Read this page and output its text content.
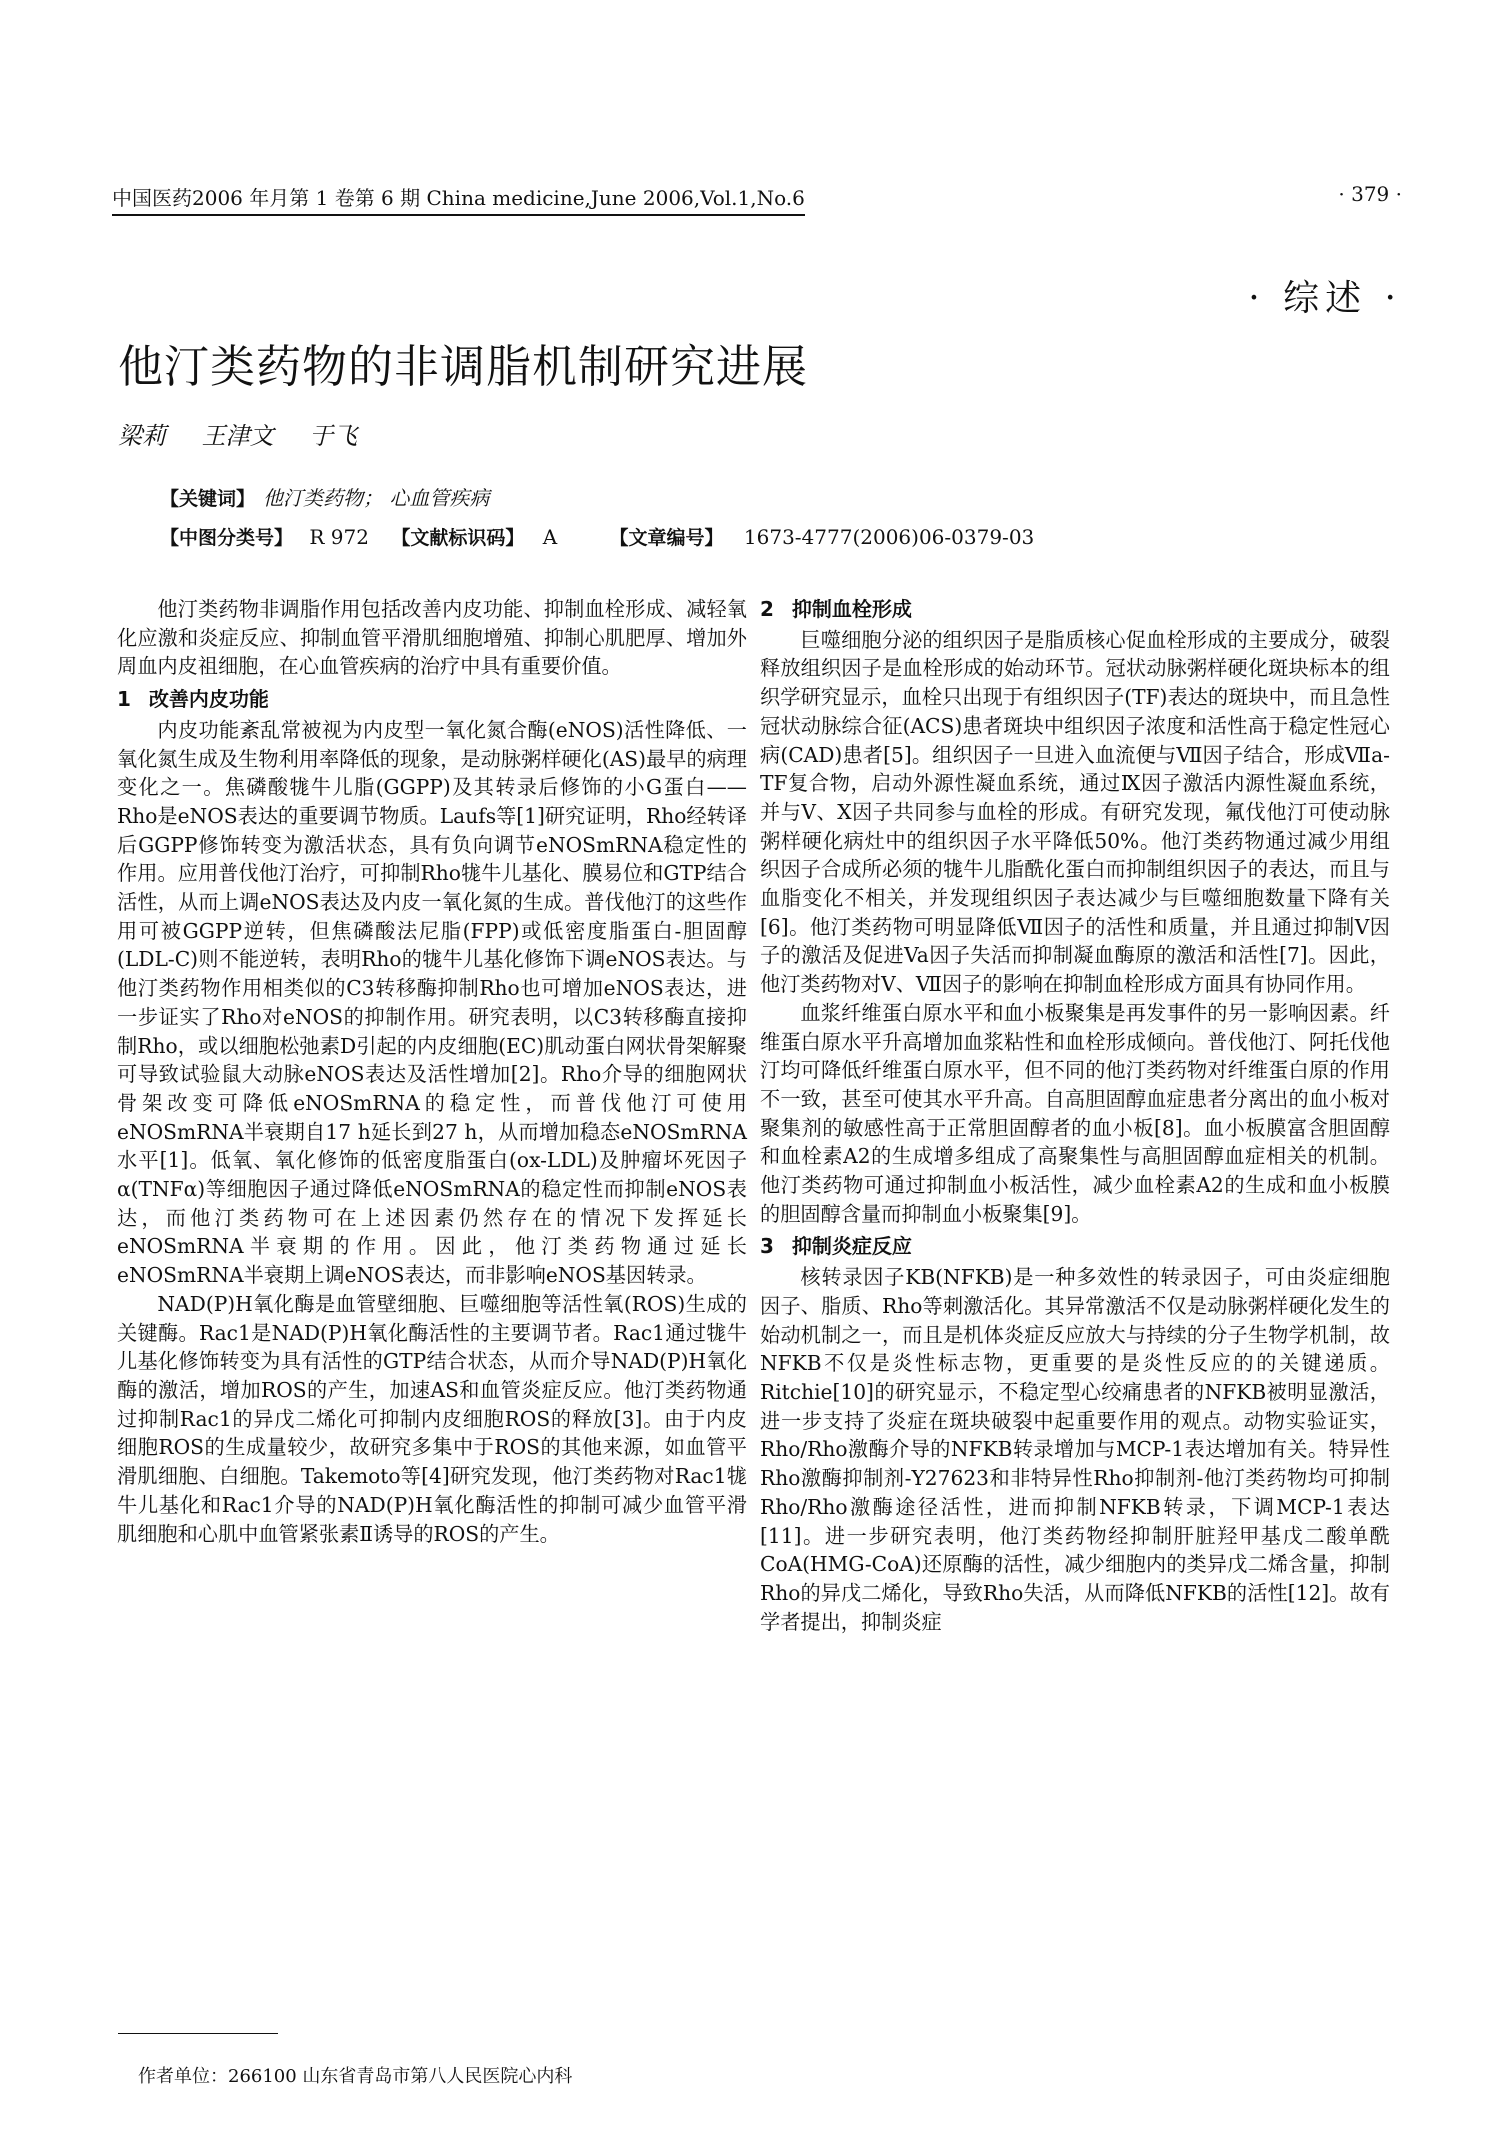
中国医药2006 年月第 1 卷第 6 期 China medicine,June 2006,Vol.1,No.6	· 379 ·
· 综述 ·
他汀类药物的非调脂机制研究进展
梁莉 王津文 于飞
【关键词】 他汀类药物； 心血管疾病
【中图分类号】 R 972 【文献标识码】 A	【文章编号】 1673-4777(2006)06-0379-03

他汀类药物非调脂作用包括改善内皮功能、抑制血栓形成、减轻氧化应激和炎症反应、抑制血管平滑肌细胞增殖、抑制心肌肥厚、增加外周血内皮祖细胞，在心血管疾病的治疗中具有重要价值。

1 改善内皮功能

内皮功能紊乱常被视为内皮型一氧化氮合酶(eNOS)活性降低、一氧化氮生成及生物利用率降低的现象，是动脉粥样硬化(AS)最早的病理变化之一。焦磷酸牻牛儿脂(GGPP)及其转录后修饰的小G蛋白——Rho是eNOS表达的重要调节物质。Laufs等[1]研究证明，Rho经转译后GGPP修饰转变为激活状态，具有负向调节eNOSmRNA稳定性的作用。应用普伐他汀治疗，可抑制Rho牻牛儿基化、膜易位和GTP结合活性，从而上调eNOS表达及内皮一氧化氮的生成。普伐他汀的这些作用可被GGPP逆转，但焦磷酸法尼脂(FPP)或低密度脂蛋白-胆固醇(LDL-C)则不能逆转，表明Rho的牻牛儿基化修饰下调eNOS表达。与他汀类药物作用相类似的C3转移酶抑制Rho也可增加eNOS表达，进一步证实了Rho对eNOS的抑制作用。研究表明，以C3转移酶直接抑制Rho，或以细胞松弛素D引起的内皮细胞(EC)肌动蛋白网状骨架解聚可导致试验鼠大动脉eNOS表达及活性增加[2]。Rho介导的细胞网状骨架改变可降低eNOSmRNA的稳定性，而普伐他汀可使用eNOSmRNA半衰期自17 h延长到27 h，从而增加稳态eNOSmRNA水平[1]。低氧、氧化修饰的低密度脂蛋白(ox-LDL)及肿瘤坏死因子α(TNFα)等细胞因子通过降低eNOSmRNA的稳定性而抑制eNOS表达，而他汀类药物可在上述因素仍然存在的情况下发挥延长eNOSmRNA半衰期的作用。因此，他汀类药物通过延长eNOSmRNA半衰期上调eNOS表达，而非影响eNOS基因转录。

NAD(P)H氧化酶是血管壁细胞、巨噬细胞等活性氧(ROS)生成的关键酶。Rac1是NAD(P)H氧化酶活性的主要调节者。Rac1通过牻牛儿基化修饰转变为具有活性的GTP结合状态，从而介导NAD(P)H氧化酶的激活，增加ROS的产生，加速AS和血管炎症反应。他汀类药物通过抑制Rac1的异戊二烯化可抑制内皮细胞ROS的释放[3]。由于内皮细胞ROS的生成量较少，故研究多集中于ROS的其他来源，如血管平滑肌细胞、白细胞。Takemoto等[4]研究发现，他汀类药物对Rac1牻牛儿基化和Rac1介导的NAD(P)H氧化酶活性的抑制可减少血管平滑肌细胞和心肌中血管紧张素Ⅱ诱导的ROS的产生。

2 抑制血栓形成

巨噬细胞分泌的组织因子是脂质核心促血栓形成的主要成分，破裂释放组织因子是血栓形成的始动环节。冠状动脉粥样硬化斑块标本的组织学研究显示，血栓只出现于有组织因子(TF)表达的斑块中，而且急性冠状动脉综合征(ACS)患者斑块中组织因子浓度和活性高于稳定性冠心病(CAD)患者[5]。组织因子一旦进入血流便与Ⅶ因子结合，形成Ⅶa-TF复合物，启动外源性凝血系统，通过Ⅸ因子激活内源性凝血系统，并与Ⅴ、Ⅹ因子共同参与血栓的形成。有研究发现，氟伐他汀可使动脉粥样硬化病灶中的组织因子水平降低50%。他汀类药物通过减少用组织因子合成所必须的牻牛儿脂酰化蛋白而抑制组织因子的表达，而且与血脂变化不相关，并发现组织因子表达减少与巨噬细胞数量下降有关[6]。他汀类药物可明显降低Ⅶ因子的活性和质量，并且通过抑制Ⅴ因子的激活及促进Va因子失活而抑制凝血酶原的激活和活性[7]。因此，他汀类药物对Ⅴ、Ⅶ因子的影响在抑制血栓形成方面具有协同作用。

血浆纤维蛋白原水平和血小板聚集是再发事件的另一影响因素。纤维蛋白原水平升高增加血浆粘性和血栓形成倾向。普伐他汀、阿托伐他汀均可降低纤维蛋白原水平，但不同的他汀类药物对纤维蛋白原的作用不一致，甚至可使其水平升高。自高胆固醇血症患者分离出的血小板对聚集剂的敏感性高于正常胆固醇者的血小板[8]。血小板膜富含胆固醇和血栓素A2的生成增多组成了高聚集性与高胆固醇血症相关的机制。他汀类药物可通过抑制血小板活性，减少血栓素A2的生成和血小板膜的胆固醇含量而抑制血小板聚集[9]。

3 抑制炎症反应

核转录因子KB(NFKB)是一种多效性的转录因子，可由炎症细胞因子、脂质、Rho等刺激活化。其异常激活不仅是动脉粥样硬化发生的始动机制之一，而且是机体炎症反应放大与持续的分子生物学机制，故NFKB不仅是炎性标志物，更重要的是炎性反应的的关键递质。Ritchie[10]的研究显示，不稳定型心绞痛患者的NFKB被明显激活，进一步支持了炎症在斑块破裂中起重要作用的观点。动物实验证实，Rho/Rho激酶介导的NFKB转录增加与MCP-1表达增加有关。特异性Rho激酶抑制剂-Y27623和非特异性Rho抑制剂-他汀类药物均可抑制Rho/Rho激酶途径活性，进而抑制NFKB转录，下调MCP-1表达[11]。进一步研究表明，他汀类药物经抑制肝脏羟甲基戊二酸单酰CoA(HMG-CoA)还原酶的活性，减少细胞内的类异戊二烯含量，抑制Rho的异戊二烯化，导致Rho失活，从而降低NFKB的活性[12]。故有学者提出，抑制炎症

作者单位：266100 山东省青岛市第八人民医院心内科
